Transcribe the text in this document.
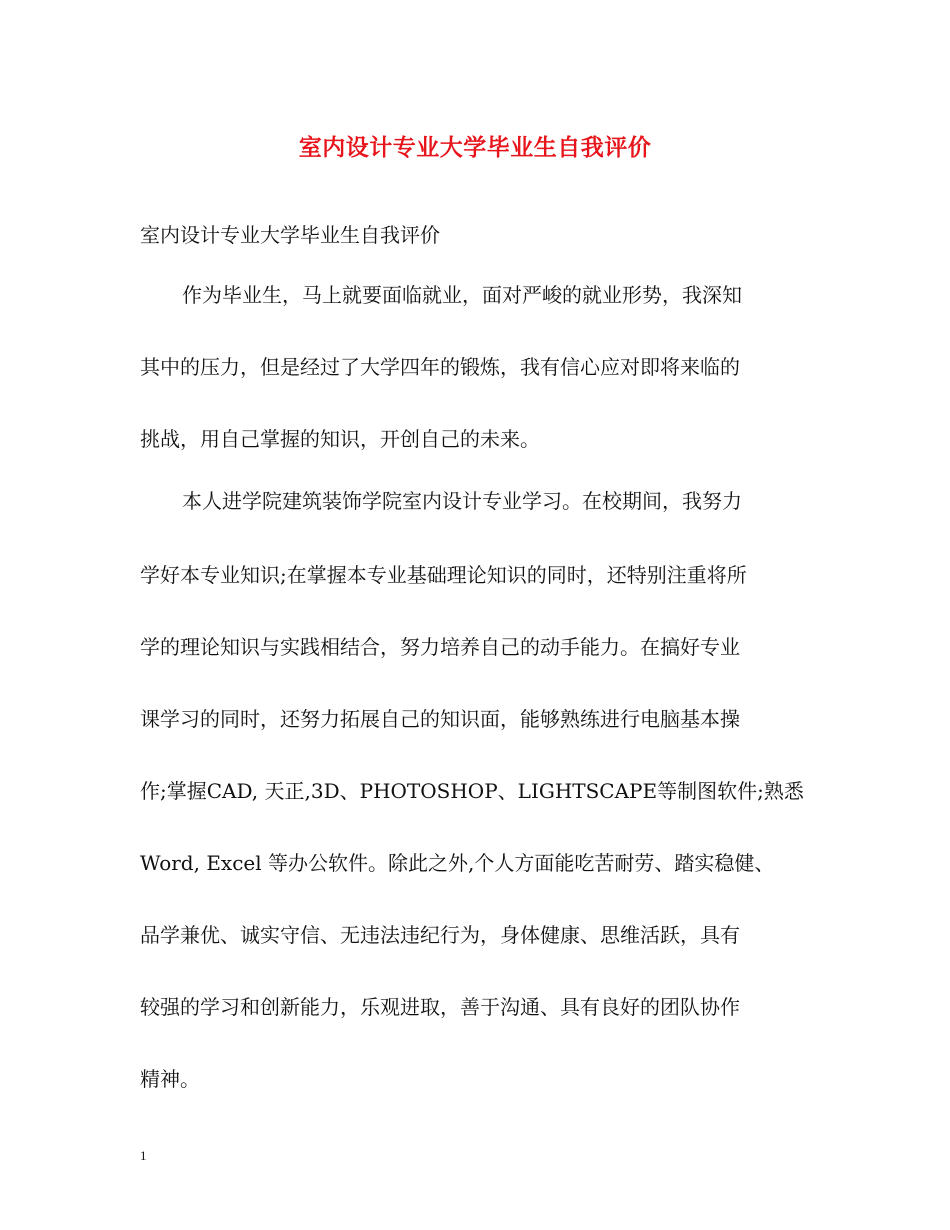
室内设计专业大学毕业生自我评价
室内设计专业大学毕业生自我评价
作为毕业生，马上就要面临就业，面对严峻的就业形势，我深知
其中的压力，但是经过了大学四年的锻炼，我有信心应对即将来临的
挑战，用自己掌握的知识，开创自己的未来。
本人进学院建筑装饰学院室内设计专业学习。在校期间，我努力
学好本专业知识;在掌握本专业基础理论知识的同时，还特别注重将所
学的理论知识与实践相结合，努力培养自己的动手能力。在搞好专业
课学习的同时，还努力拓展自己的知识面，能够熟练进行电脑基本操
作;掌握CAD, 天正,3D、PHOTOSHOP、LIGHTSCAPE等制图软件;熟悉
Word, Excel 等办公软件。除此之外,个人方面能吃苦耐劳、踏实稳健、
品学兼优、诚实守信、无违法违纪行为，身体健康、思维活跃，具有
较强的学习和创新能力，乐观进取，善于沟通、具有良好的团队协作
精神。
1
